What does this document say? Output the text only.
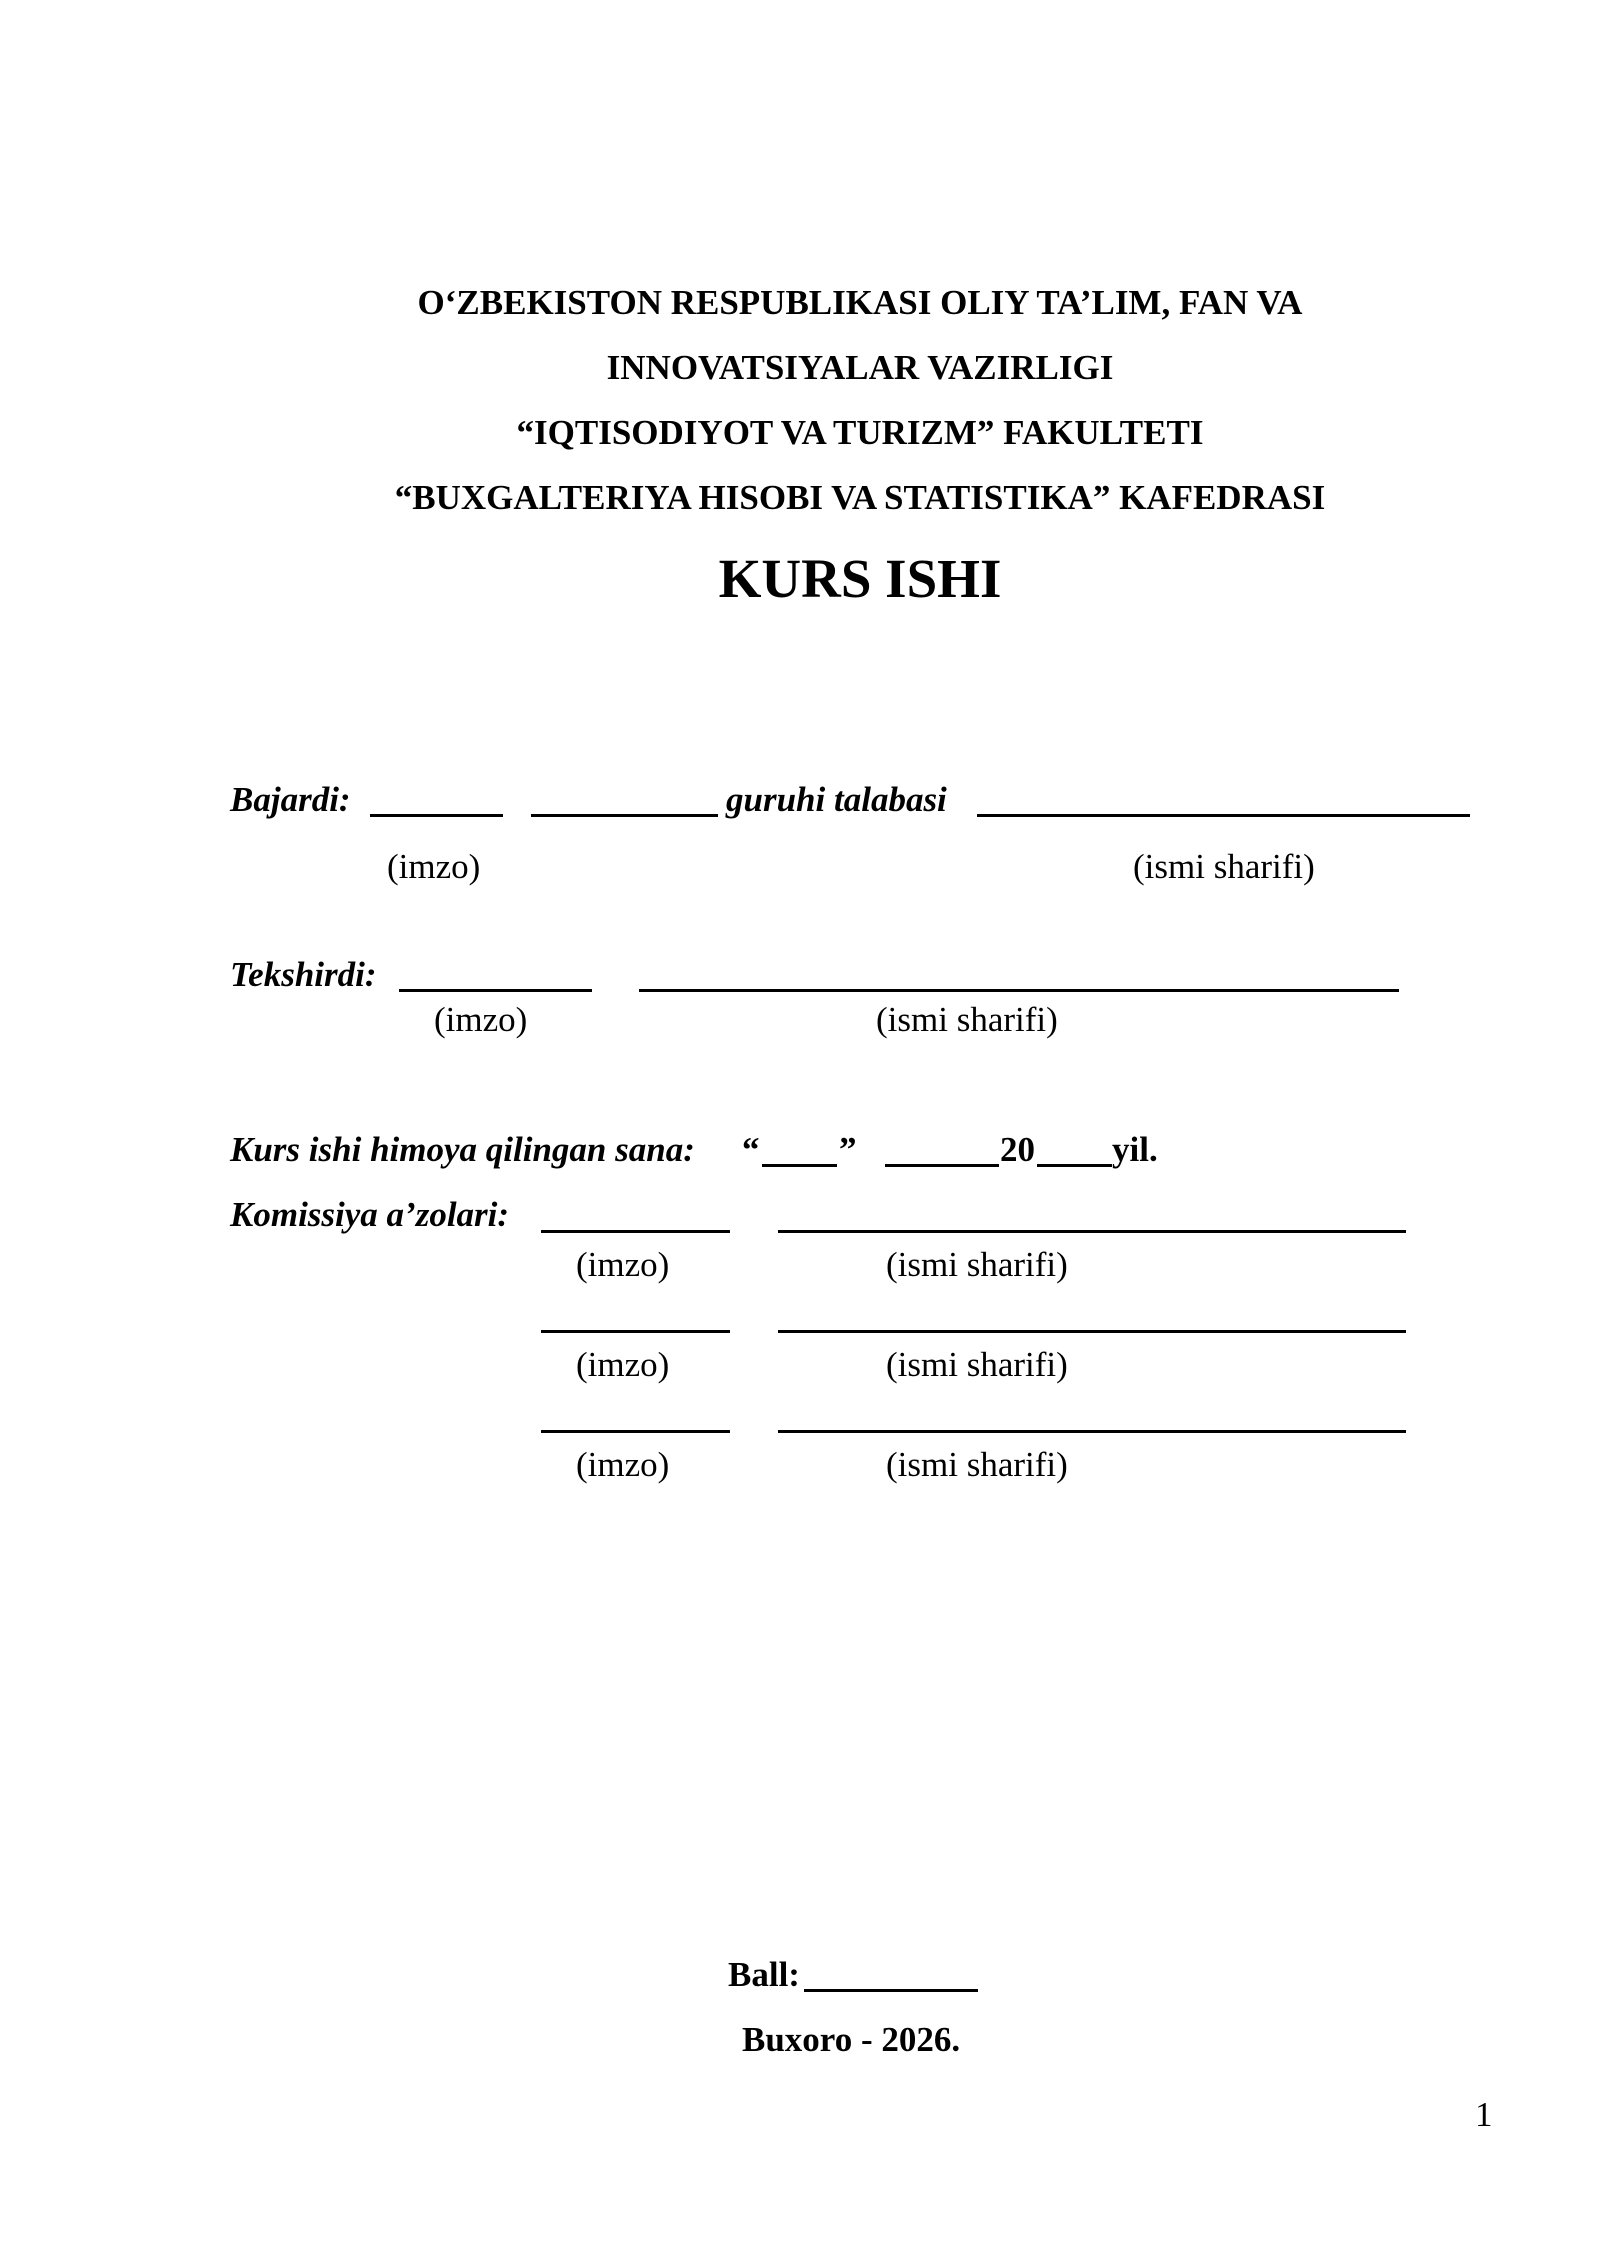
O‘ZBEKISTON RESPUBLIKASI OLIY TA’LIM, FAN VA
INNOVATSIYALAR VAZIRLIGI
“IQTISODIYOT VA TURIZM” FAKULTETI
“BUXGALTERIYA HISOBI VA STATISTIKA” KAFEDRASI
KURS ISHI
Bajardi:	guruhi talabasi
(imzo)	(ismi sharifi)
Tekshirdi:
(imzo)	(ismi sharifi)
Kurs ishi himoya qilingan sana: “ ”	20 yil.
Komissiya a’zolari:
(imzo)	(ismi sharifi)
(imzo)	(ismi sharifi)
(imzo)	(ismi sharifi)
Ball:
Buxoro - 2026.
1
